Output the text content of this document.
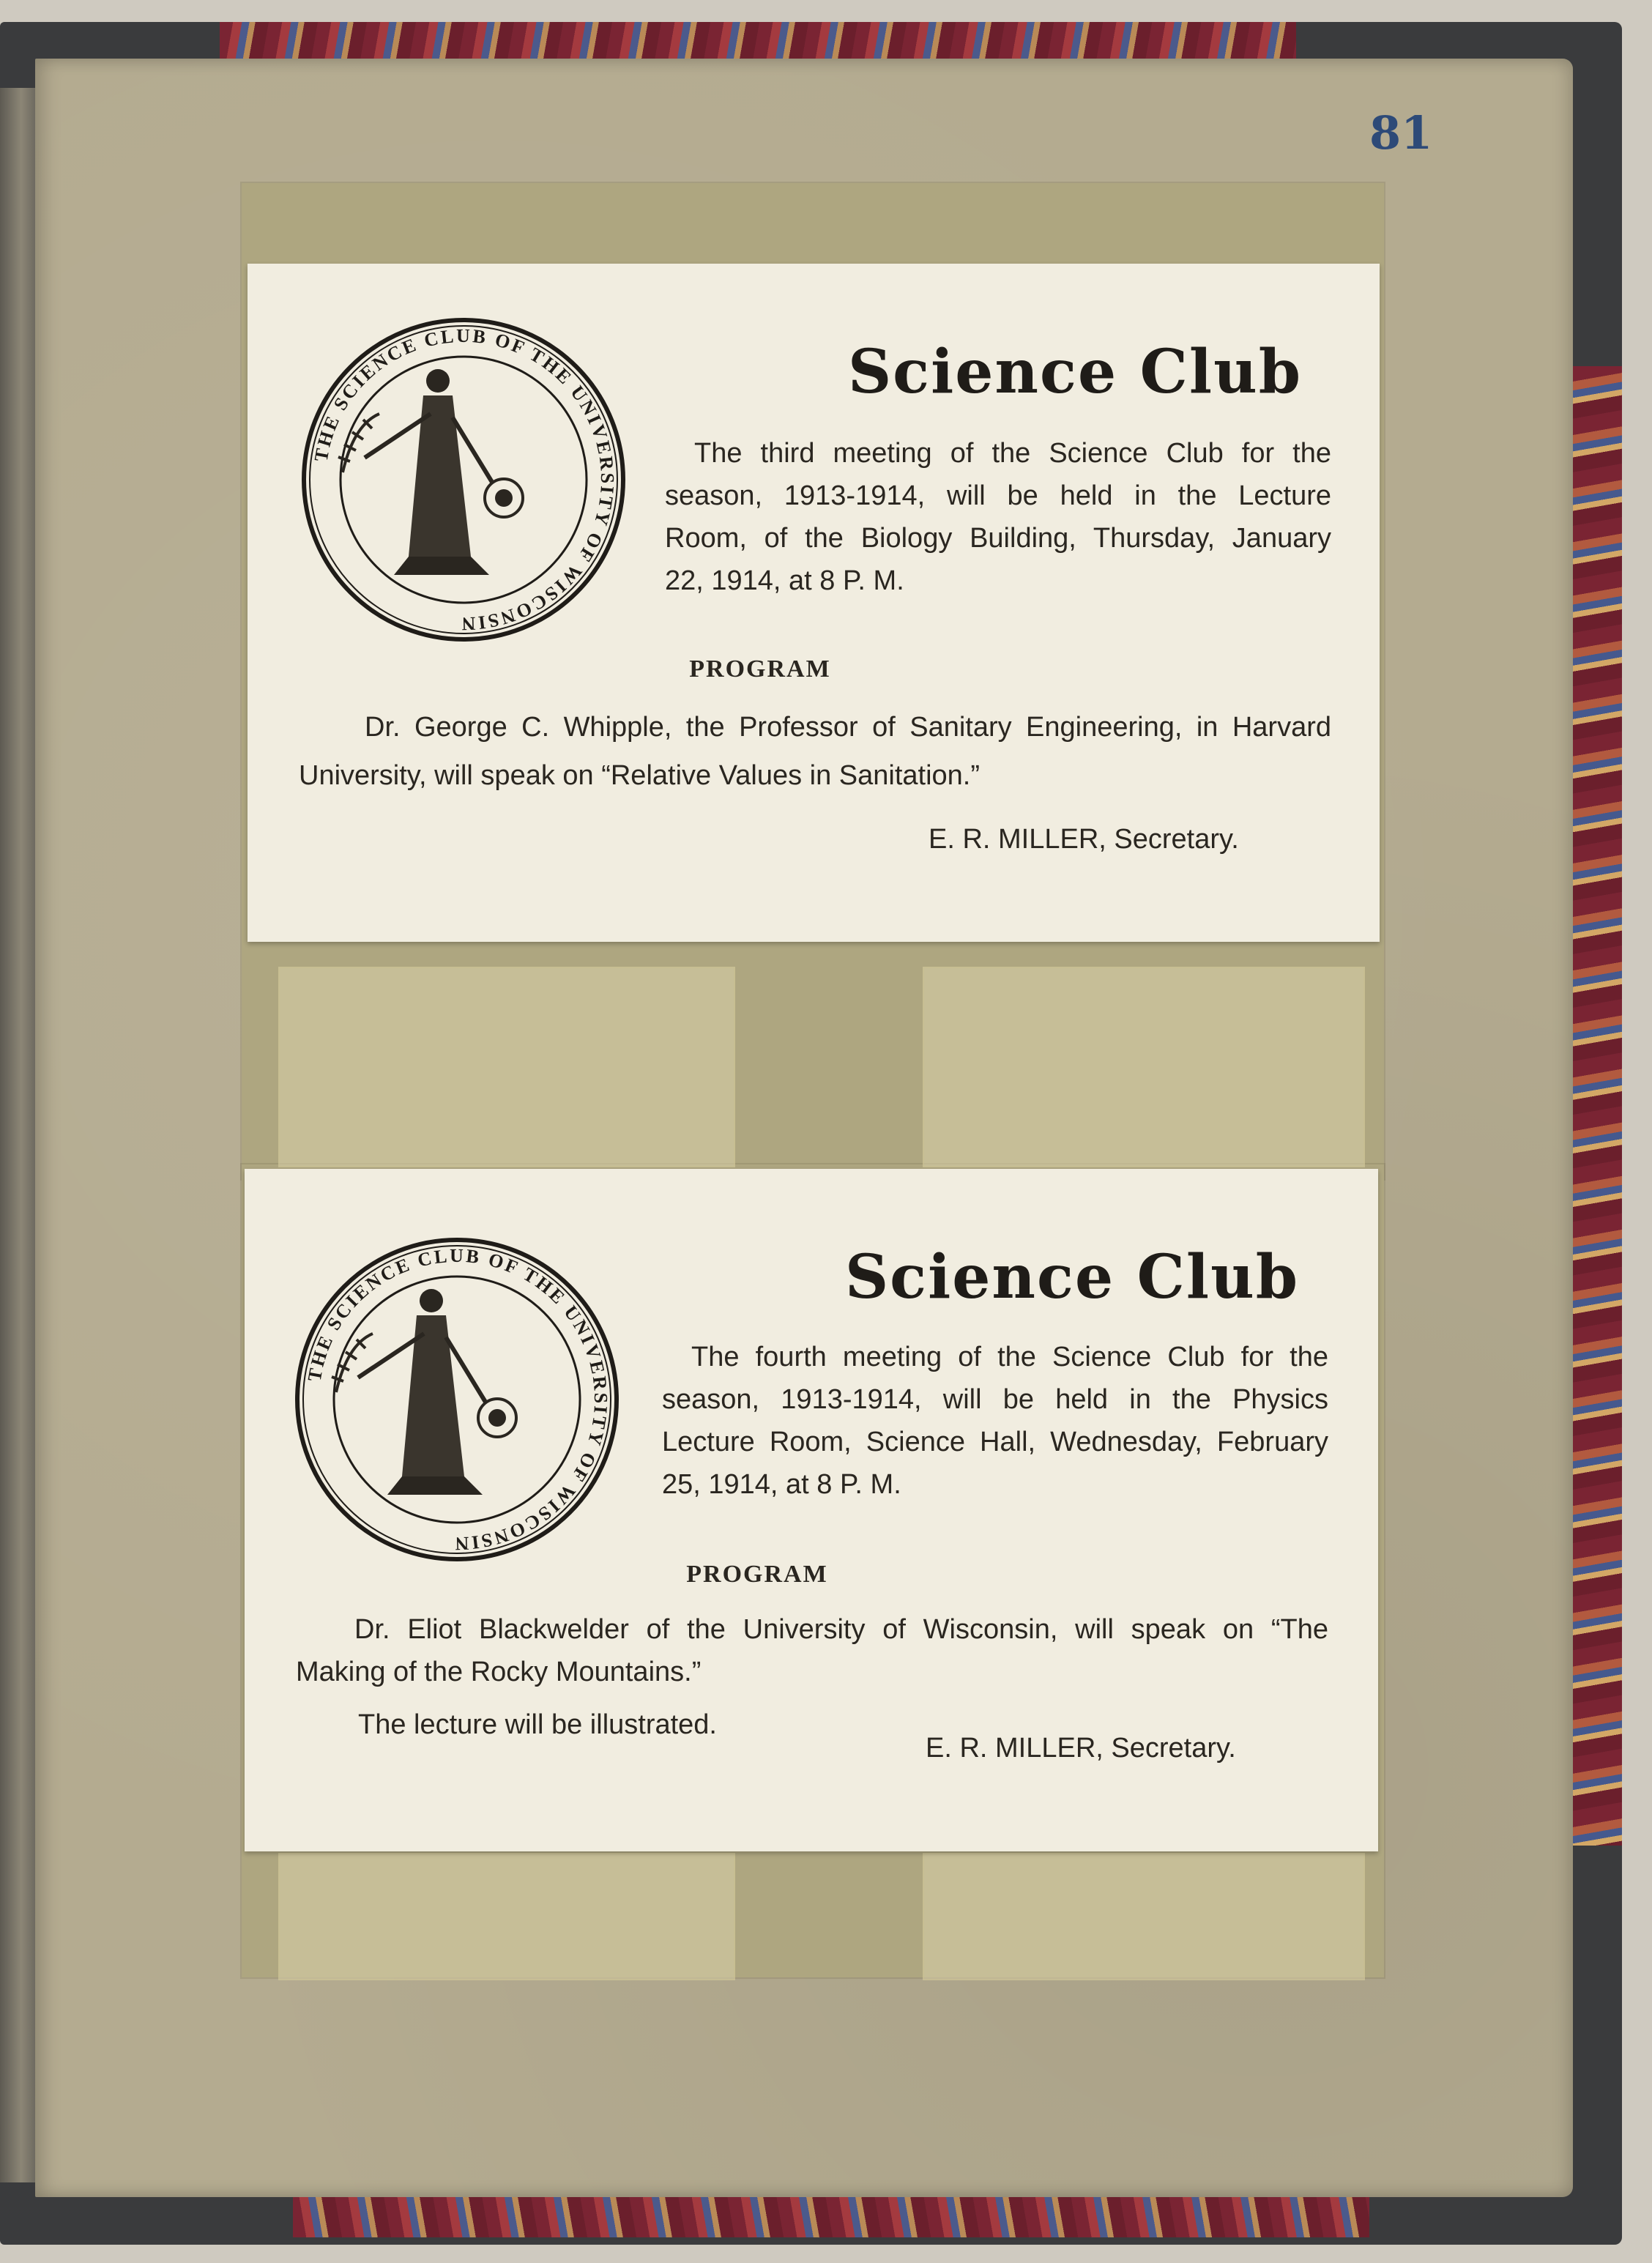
81
THE SCIENCE CLUB OF THE UNIVERSITY OF WISCONSIN
Science Club
The third meeting of the Science Club for the
season, 1913-1914, will be held in the Lecture
Room, of the Biology Building, Thursday, January
22, 1914, at 8 P. M.
PROGRAM
Dr. George C. Whipple, the Professor of Sanitary Engineering, in Harvard
University, will speak on “Relative Values in Sanitation.”
E. R. MILLER, Secretary.
THE SCIENCE CLUB OF THE UNIVERSITY OF WISCONSIN
Science Club
The fourth meeting of the Science Club for the
season, 1913-1914, will be held in the Physics
Lecture Room, Science Hall, Wednesday, February
25, 1914, at 8 P. M.
PROGRAM
Dr. Eliot Blackwelder of the University of Wisconsin, will speak on “The
Making of the Rocky Mountains.”
The lecture will be illustrated.
E. R. MILLER, Secretary.
